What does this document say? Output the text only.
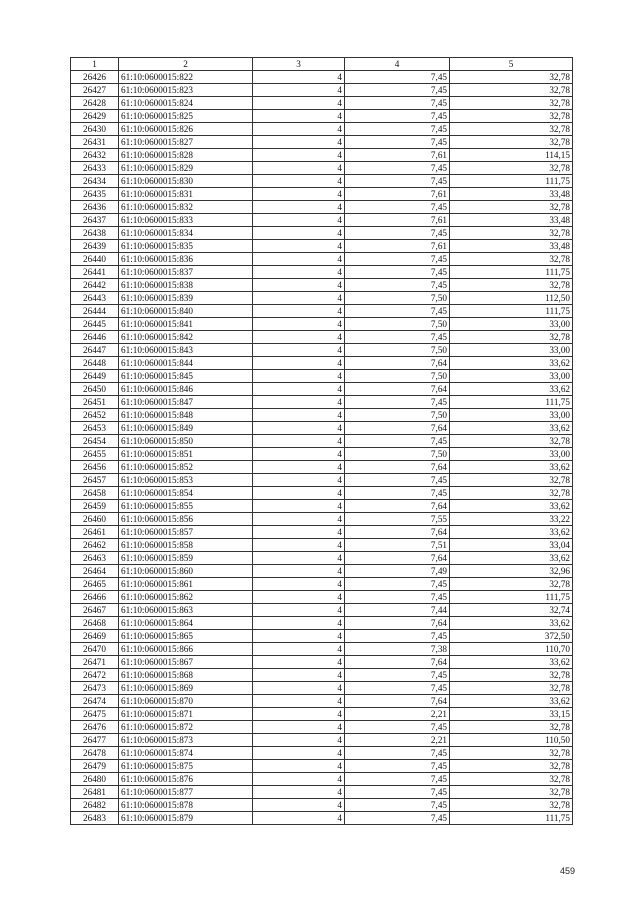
1	2	3	4	5
26426	61:10:0600015:822	4	7,45	32,78
26427	61:10:0600015:823	4	7,45	32,78
26428	61:10:0600015:824	4	7,45	32,78
26429	61:10:0600015:825	4	7,45	32,78
26430	61:10:0600015:826	4	7,45	32,78
26431	61:10:0600015:827	4	7,45	32,78
26432	61:10:0600015:828	4	7,61	114,15
26433	61:10:0600015:829	4	7,45	32,78
26434	61:10:0600015:830	4	7,45	111,75
26435	61:10:0600015:831	4	7,61	33,48
26436	61:10:0600015:832	4	7,45	32,78
26437	61:10:0600015:833	4	7,61	33,48
26438	61:10:0600015:834	4	7,45	32,78
26439	61:10:0600015:835	4	7,61	33,48
26440	61:10:0600015:836	4	7,45	32,78
26441	61:10:0600015:837	4	7,45	111,75
26442	61:10:0600015:838	4	7,45	32,78
26443	61:10:0600015:839	4	7,50	112,50
26444	61:10:0600015:840	4	7,45	111,75
26445	61:10:0600015:841	4	7,50	33,00
26446	61:10:0600015:842	4	7,45	32,78
26447	61:10:0600015:843	4	7,50	33,00
26448	61:10:0600015:844	4	7,64	33,62
26449	61:10:0600015:845	4	7,50	33,00
26450	61:10:0600015:846	4	7,64	33,62
26451	61:10:0600015:847	4	7,45	111,75
26452	61:10:0600015:848	4	7,50	33,00
26453	61:10:0600015:849	4	7,64	33,62
26454	61:10:0600015:850	4	7,45	32,78
26455	61:10:0600015:851	4	7,50	33,00
26456	61:10:0600015:852	4	7,64	33,62
26457	61:10:0600015:853	4	7,45	32,78
26458	61:10:0600015:854	4	7,45	32,78
26459	61:10:0600015:855	4	7,64	33,62
26460	61:10:0600015:856	4	7,55	33,22
26461	61:10:0600015:857	4	7,64	33,62
26462	61:10:0600015:858	4	7,51	33,04
26463	61:10:0600015:859	4	7,64	33,62
26464	61:10:0600015:860	4	7,49	32,96
26465	61:10:0600015:861	4	7,45	32,78
26466	61:10:0600015:862	4	7,45	111,75
26467	61:10:0600015:863	4	7,44	32,74
26468	61:10:0600015:864	4	7,64	33,62
26469	61:10:0600015:865	4	7,45	372,50
26470	61:10:0600015:866	4	7,38	110,70
26471	61:10:0600015:867	4	7,64	33,62
26472	61:10:0600015:868	4	7,45	32,78
26473	61:10:0600015:869	4	7,45	32,78
26474	61:10:0600015:870	4	7,64	33,62
26475	61:10:0600015:871	4	2,21	33,15
26476	61:10:0600015:872	4	7,45	32,78
26477	61:10:0600015:873	4	2,21	110,50
26478	61:10:0600015:874	4	7,45	32,78
26479	61:10:0600015:875	4	7,45	32,78
26480	61:10:0600015:876	4	7,45	32,78
26481	61:10:0600015:877	4	7,45	32,78
26482	61:10:0600015:878	4	7,45	32,78
26483	61:10:0600015:879	4	7,45	111,75
459
